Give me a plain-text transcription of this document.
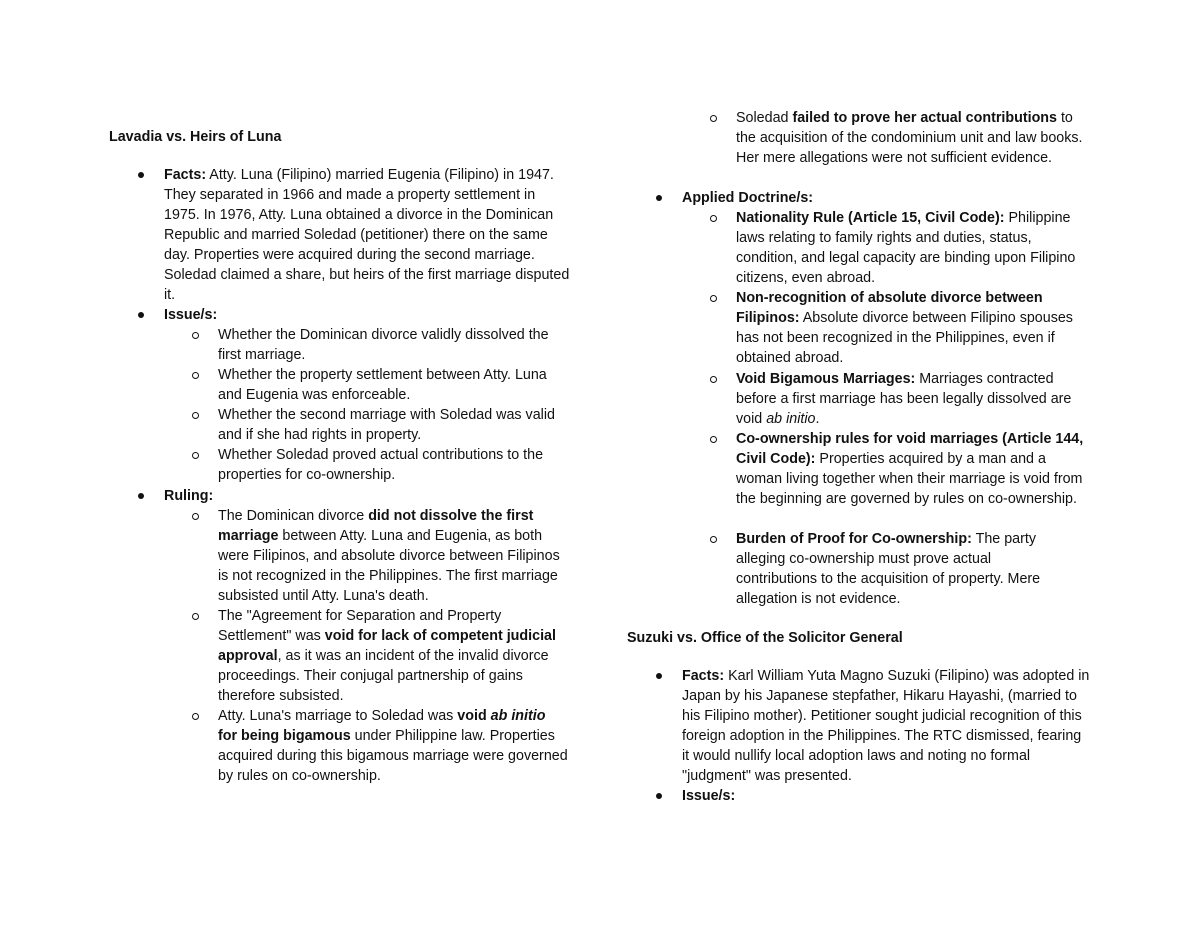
Lavadia vs. Heirs of Luna
Facts: Atty. Luna (Filipino) married Eugenia (Filipino) in 1947. They separated in 1966 and made a property settlement in 1975. In 1976, Atty. Luna obtained a divorce in the Dominican Republic and married Soledad (petitioner) there on the same day. Properties were acquired during the second marriage. Soledad claimed a share, but heirs of the first marriage disputed it.
Issue/s:
Whether the Dominican divorce validly dissolved the first marriage.
Whether the property settlement between Atty. Luna and Eugenia was enforceable.
Whether the second marriage with Soledad was valid and if she had rights in property.
Whether Soledad proved actual contributions to the properties for co-ownership.
Ruling:
The Dominican divorce did not dissolve the first marriage between Atty. Luna and Eugenia, as both were Filipinos, and absolute divorce between Filipinos is not recognized in the Philippines. The first marriage subsisted until Atty. Luna's death.
The "Agreement for Separation and Property Settlement" was void for lack of competent judicial approval, as it was an incident of the invalid divorce proceedings. Their conjugal partnership of gains therefore subsisted.
Atty. Luna's marriage to Soledad was void ab initio for being bigamous under Philippine law. Properties acquired during this bigamous marriage were governed by rules on co-ownership.
Soledad failed to prove her actual contributions to the acquisition of the condominium unit and law books. Her mere allegations were not sufficient evidence.
Applied Doctrine/s:
Nationality Rule (Article 15, Civil Code): Philippine laws relating to family rights and duties, status, condition, and legal capacity are binding upon Filipino citizens, even abroad.
Non-recognition of absolute divorce between Filipinos: Absolute divorce between Filipino spouses has not been recognized in the Philippines, even if obtained abroad.
Void Bigamous Marriages: Marriages contracted before a first marriage has been legally dissolved are void ab initio.
Co-ownership rules for void marriages (Article 144, Civil Code): Properties acquired by a man and a woman living together when their marriage is void from the beginning are governed by rules on co-ownership.
Burden of Proof for Co-ownership: The party alleging co-ownership must prove actual contributions to the acquisition of property. Mere allegation is not evidence.
Suzuki vs. Office of the Solicitor General
Facts: Karl William Yuta Magno Suzuki (Filipino) was adopted in Japan by his Japanese stepfather, Hikaru Hayashi, (married to his Filipino mother). Petitioner sought judicial recognition of this foreign adoption in the Philippines. The RTC dismissed, fearing it would nullify local adoption laws and noting no formal "judgment" was presented.
Issue/s:
